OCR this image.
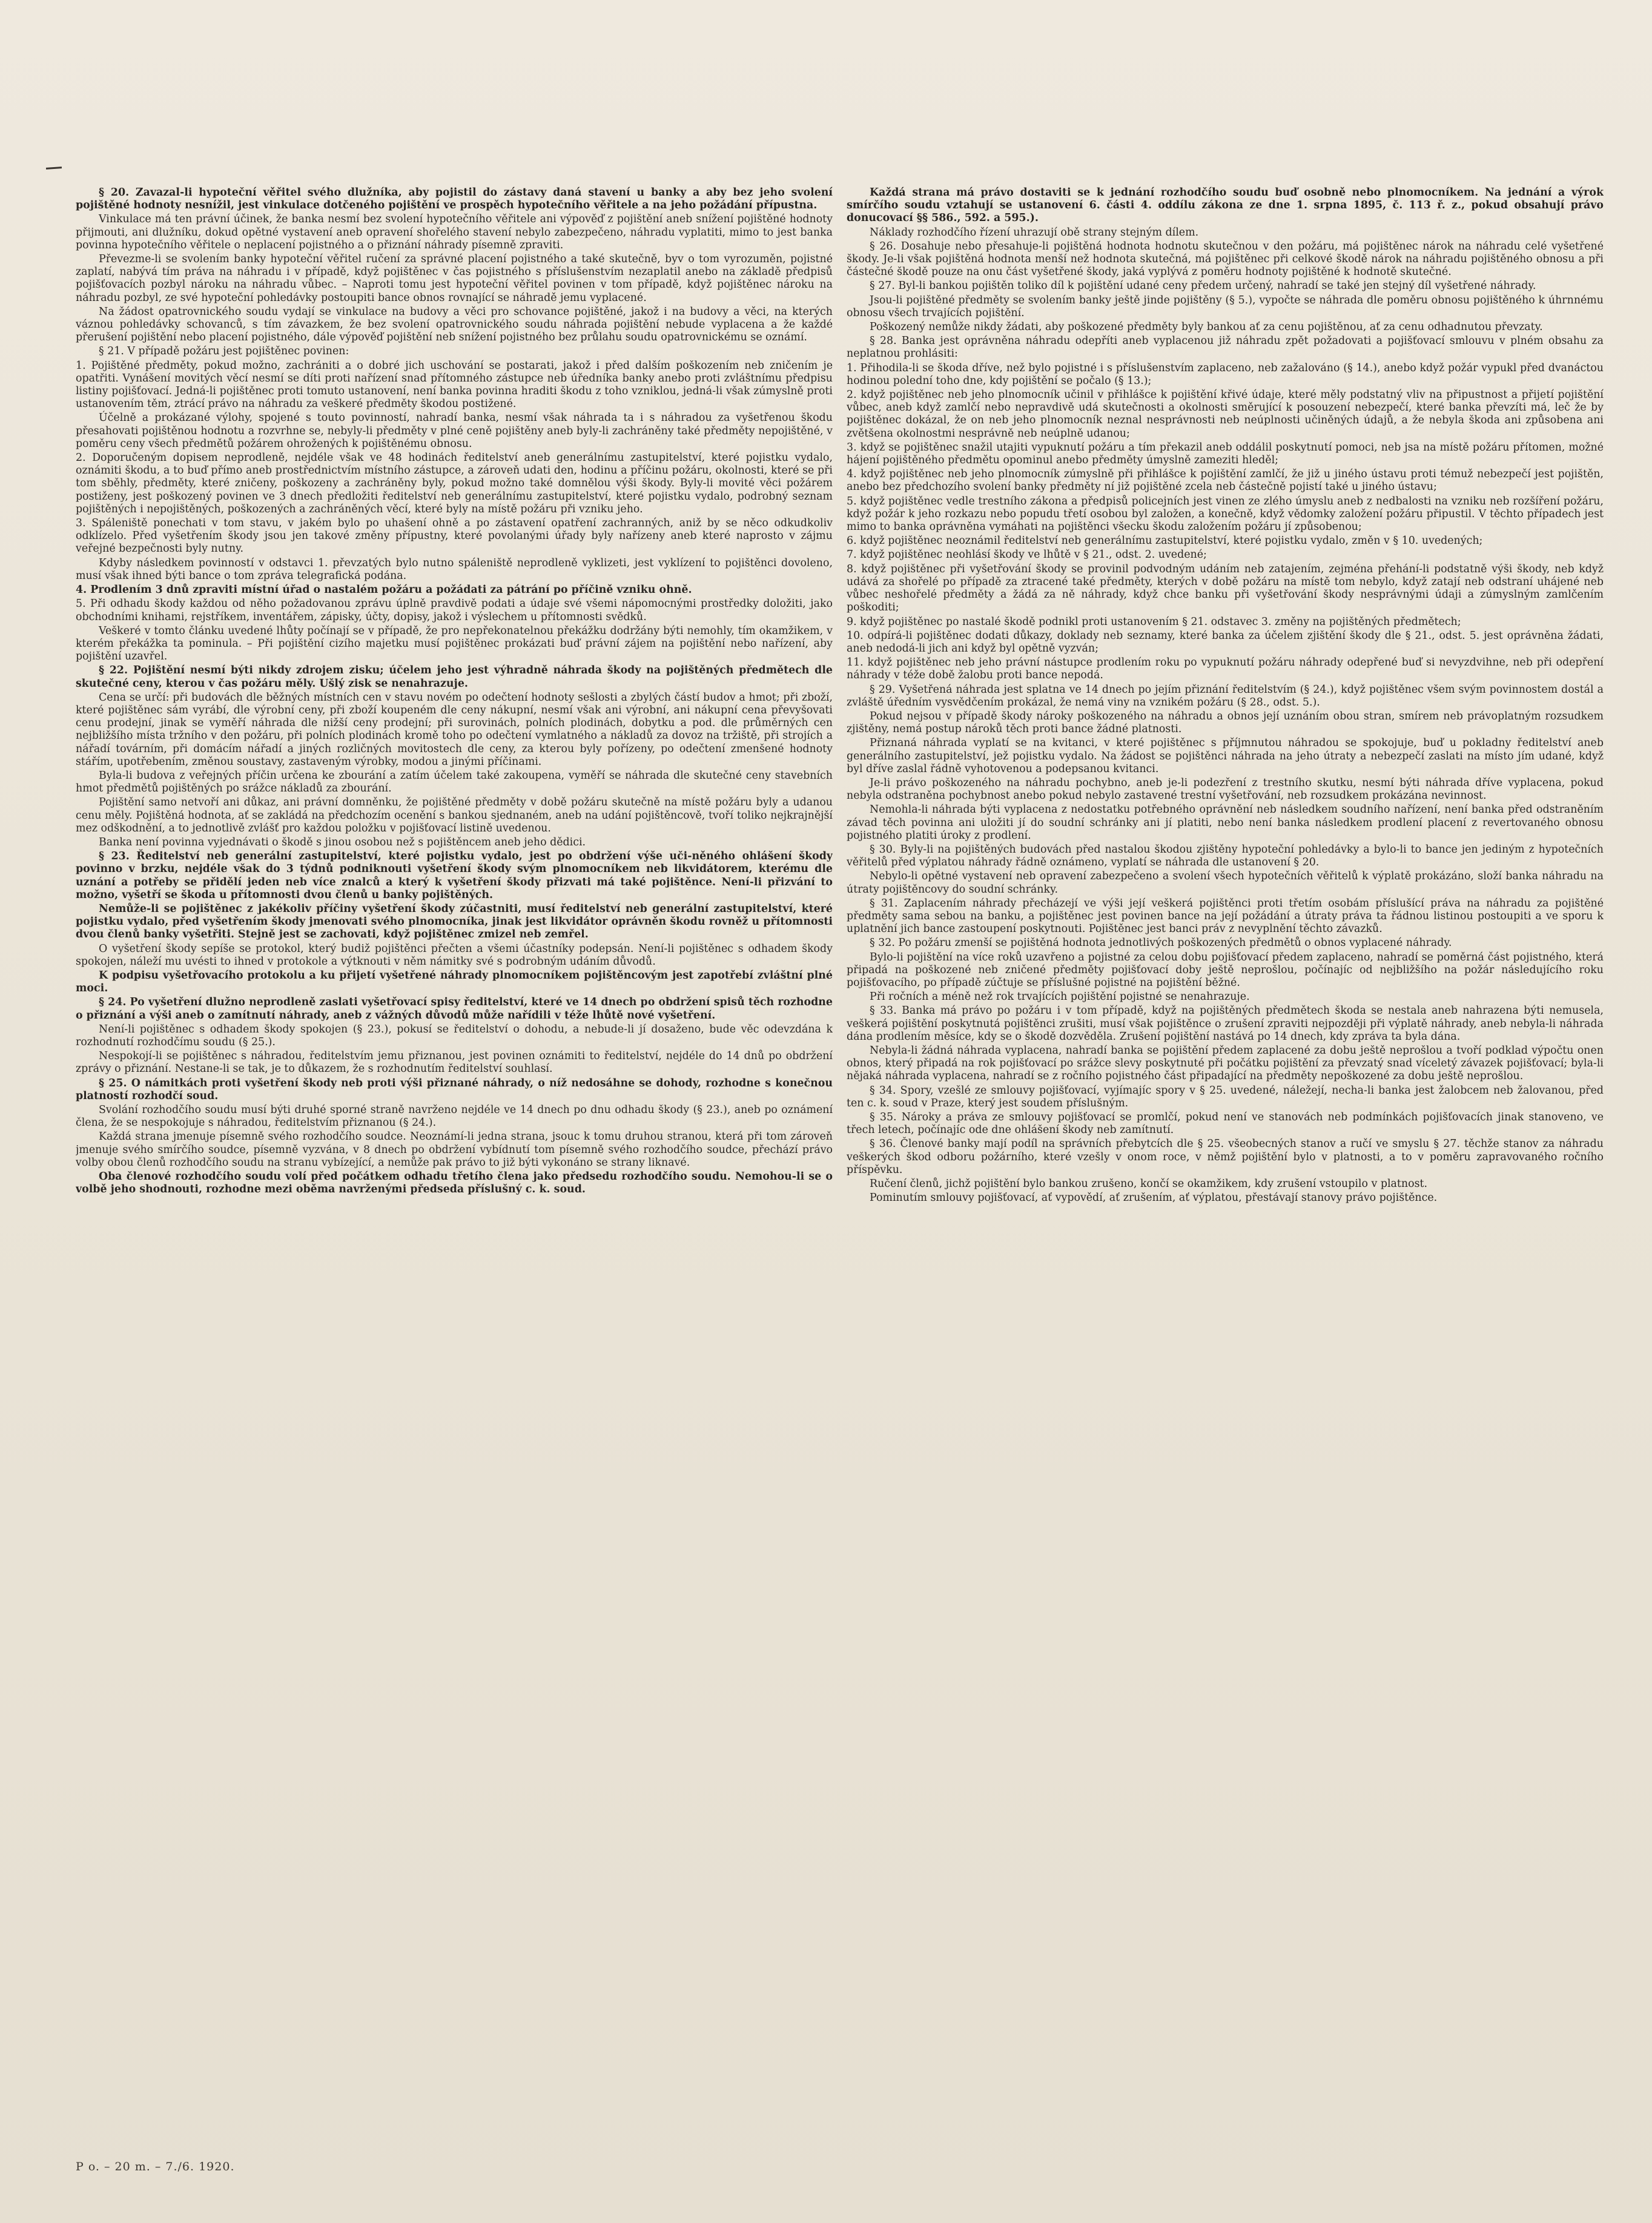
§ 20. Zavazal-li hypoteční věřitel svého dlužníka, aby pojistil do zástavy daná stavení u banky a aby bez jeho svolení pojištěné hodnoty nesnížil, jest vinkulace dotčeného pojištění ve prospěch hypotečního věřitele a na jeho požádání přípustna.

Vinkulace má ten právní účinek, že banka nesmí bez svolení hypotečního věřitele ani výpověď z pojištění aneb snížení pojištěné hodnoty přijmouti, ani dlužníku, dokud opětné vystavení aneb opravení shořelého stavení nebylo zabezpečeno, náhradu vyplatiti, mimo to jest banka povinna hypotečního věřitele o neplacení pojistného a o přiznání náhrady písemně zpraviti.

Převezme-li se svolením banky hypoteční věřitel ručení za správné placení pojistného a také skutečně, byv o tom vyrozuměn, pojistné zaplatí, nabývá tím práva na náhradu i v případě, když pojištěnec v čas pojistného s příslušenstvím nezaplatil anebo na základě předpisů pojišťovacích pozbyl nároku na náhradu vůbec. – Naproti tomu jest hypoteční věřitel povinen v tom případě, když pojištěnec nároku na náhradu pozbyl, ze své hypoteční pohledávky postoupiti bance obnos rovnající se náhradě jemu vyplacené.

Na žádost opatrovnického soudu vydají se vinkulace na budovy a věci pro schovance pojištěné, jakož i na budovy a věci, na kterých váznou pohledávky schovanců, s tím závazkem, že bez svolení opatrovnického soudu náhrada pojištění nebude vyplacena a že každé přerušení pojištění nebo placení pojistného, dále výpověď pojištění neb snížení pojistného bez průlahu soudu opatrovnickému se oznámí.

§ 21. V případě požáru jest pojištěnec povinen:

1. Pojištěné předměty, pokud možno, zachrániti a o dobré jich uschování se postarati, jakož i před dalším poškozením neb zničením je opatřiti. Vynášení movitých věcí nesmí se díti proti nařízení snad přítomného zástupce neb úředníka banky anebo proti zvláštnímu předpisu listiny pojišťovací. Jedná-li pojištěnec proti tomuto ustanovení, není banka povinna hraditi škodu z toho vzniklou, jedná-li však zúmyslně proti ustanovením těm, ztrácí právo na náhradu za veškeré předměty škodou postižené.

Účelně a prokázané výlohy, spojené s touto povinností, nahradí banka, nesmí však náhrada ta i s náhradou za vyšetřenou škodu přesahovati pojištěnou hodnotu a rozvrhne se, nebyly-li předměty v plné ceně pojištěny aneb byly-li zachráněny také předměty nepojištěné, v poměru ceny všech předmětů požárem ohrožených k pojištěnému obnosu.

2. Doporučeným dopisem neprodleně, nejdéle však ve 48 hodinách ředitelství aneb generálnímu zastupitelství, které pojistku vydalo, oznámiti škodu, a to buď přímo aneb prostřednictvím místního zástupce, a zároveň udati den, hodinu a příčinu požáru, okolnosti, které se při tom sběhly, předměty, které zničeny, poškozeny a zachráněny byly, pokud možno také domnělou výši škody. Byly-li movité věci požárem postiženy, jest poškozený povinen ve 3 dnech předložiti ředitelství neb generálnímu zastupitelství, které pojistku vydalo, podrobný seznam pojištěných i nepojištěných, poškozených a zachráněných věcí, které byly na místě požáru při vzniku jeho.

3. Spáleniště ponechati v tom stavu, v jakém bylo po uhašení ohně a po zástavení opatření zachranných, aniž by se něco odkudkoliv odklízelo. Před vyšetřením škody jsou jen takové změny přípustny, které povolanými úřady byly nařízeny aneb které naprosto v zájmu veřejné bezpečnosti byly nutny.

Kdyby následkem povinností v odstavci 1. převzatých bylo nutno spáleniště neprodleně vyklizeti, jest vyklízení to pojištěnci dovoleno, musí však ihned býti bance o tom zpráva telegrafická podána.

4. Prodlením 3 dnů zpraviti místní úřad o nastalém požáru a požádati za pátrání po příčině vzniku ohně.

5. Při odhadu škody každou od něho požadovanou zprávu úplně pravdivě podati a údaje své všemi nápomocnými prostředky doložiti, jako obchodními knihami, rejstříkem, inventářem, zápisky, účty, dopisy, jakož i výslechem u přítomnosti svědků.

Veškeré v tomto článku uvedené lhůty počínají se v případě, že pro nepřekonatelnou překážku dodržány býti nemohly, tím okamžikem, v kterém překážka ta pominula. – Při pojištění cizího majetku musí pojištěnec prokázati buď právní zájem na pojištění nebo nařízení, aby pojištění uzavřel.

§ 22. Pojištění nesmí býti nikdy zdrojem zisku; účelem jeho jest výhradně náhrada škody na pojištěných předmětech dle skutečné ceny, kterou v čas požáru měly. Ušlý zisk se nenahrazuje.

Cena se určí: při budovách dle běžných místních cen v stavu novém po odečtení hodnoty sešlosti a zbylých částí budov a hmot; při zboží, které pojištěnec sám vyrábí, dle výrobní ceny, při zboží koupeném dle ceny nákupní, nesmí však ani výrobní, ani nákupní cena převyšovati cenu prodejní, jinak se vyměří náhrada dle nižší ceny prodejní; při surovinách, polních plodinách, dobytku a pod. dle průměrných cen nejbližšího místa tržního v den požáru, při polních plodinách kromě toho po odečtení vymlatného a nákladů za dovoz na tržiště, při strojích a nářadí továrním, při domácím nářadí a jiných rozličných movitostech dle ceny, za kterou byly pořízeny, po odečtení zmenšené hodnoty stářím, upotřebením, změnou soustavy, zastaveným výrobky, modou a jinými příčinami.

Byla-li budova z veřejných příčin určena ke zbourání a zatím účelem také zakoupena, vyměří se náhrada dle skutečné ceny stavebních hmot předmětů pojištěných po srážce nákladů za zbourání.

Pojištění samo netvoří ani důkaz, ani právní domněnku, že pojištěné předměty v době požáru skutečně na místě požáru byly a udanou cenu měly. Pojištěná hodnota, ať se zakládá na předchozím ocenění s bankou sjednaném, aneb na udání pojištěncově, tvoří toliko nejkrajnější mez odškodnění, a to jednotlivě zvlášť pro každou položku v pojišťovací listině uvedenou.

Banka není povinna vyjednávati o škodě s jinou osobou než s pojištěncem aneb jeho dědici.

§ 23. Ředitelství neb generální zastupitelství, které pojistku vydalo, jest po obdržení výše uči-něného ohlášení škody povinno v brzku, nejdéle však do 3 týdnů podniknouti vyšetření škody svým plnomocníkem neb likvidátorem, kterému dle uznání a potřeby se přidělí jeden neb více znalců a který k vyšetření škody přizvati má také pojištěnce. Není-li přizvání to možno, vyšetří se škoda u přítomnosti dvou členů u banky pojištěných.

Nemůže-li se pojištěnec z jakékoliv příčiny vyšetření škody zúčastniti, musí ředitelství neb generální zastupitelství, které pojistku vydalo, před vyšetřením škody jmenovati svého plnomocníka, jinak jest likvidátor oprávněn škodu rovněž u přítomnosti dvou členů banky vyšetřiti. Stejně jest se zachovati, když pojištěnec zmizel neb zemřel.

O vyšetření škody sepíše se protokol, který budiž pojištěnci přečten a všemi účastníky podepsán. Není-li pojištěnec s odhadem škody spokojen, náleží mu uvésti to ihned v protokole a výtknouti v něm námitky své s podrobným udáním důvodů.

K podpisu vyšetřovacího protokolu a ku přijetí vyšetřené náhrady plnomocníkem pojištěncovým jest zapotřebí zvláštní plné moci.

§ 24. Po vyšetření dlužno neprodleně zaslati vyšetřovací spisy ředitelství, které ve 14 dnech po obdržení spisů těch rozhodne o přiznání a výši aneb o zamítnutí náhrady, aneb z vážných důvodů může nařídili v téže lhůtě nové vyšetření.

Není-li pojištěnec s odhadem škody spokojen (§ 23.), pokusí se ředitelství o dohodu, a nebude-li jí dosaženo, bude věc odevzdána k rozhodnutí rozhodčímu soudu (§ 25.).

Nespokojí-li se pojištěnec s náhradou, ředitelstvím jemu přiznanou, jest povinen oznámiti to ředitelství, nejdéle do 14 dnů po obdržení zprávy o přiznání. Nestane-li se tak, je to důkazem, že s rozhodnutím ředitelství souhlasí.

§ 25. O námitkách proti vyšetření škody neb proti výši přiznané náhrady, o níž nedosáhne se dohody, rozhodne s konečnou platností rozhodčí soud.

Svolání rozhodčího soudu musí býti druhé sporné straně navrženo nejdéle ve 14 dnech po dnu odhadu škody (§ 23.), aneb po oznámení člena, že se nespokojuje s náhradou, ředitelstvím přiznanou (§ 24.).

Každá strana jmenuje písemně svého rozhodčího soudce. Neoznámí-li jedna strana, jsouc k tomu druhou stranou, která při tom zároveň jmenuje svého smírčího soudce, písemně vyzvána, v 8 dnech po obdržení vybídnutí tom písemně svého rozhodčího soudce, přechází právo volby obou členů rozhodčího soudu na stranu vybízející, a nemůže pak právo to již býti vykonáno se strany liknavé.

Oba členové rozhodčího soudu volí před počátkem odhadu třetího člena jako předsedu rozhodčího soudu. Nemohou-li se o volbě jeho shodnouti, rozhodne mezi oběma navrženými předseda příslušný c. k. soud.

Každá strana má právo dostaviti se k jednání rozhodčího soudu buď osobně nebo plnomocníkem. Na jednání a výrok smírčího soudu vztahují se ustanovení 6. části 4. oddílu zákona ze dne 1. srpna 1895, č. 113 ř. z., pokud obsahují právo donucovací §§ 586., 592. a 595.).

Náklady rozhodčího řízení uhrazují obě strany stejným dílem.

§ 26. Dosahuje nebo přesahuje-li pojištěná hodnota hodnotu skutečnou v den požáru, má pojištěnec nárok na náhradu celé vyšetřené škody. Je-li však pojištěná hodnota menší než hodnota skutečná, má pojištěnec při celkové škodě nárok na náhradu pojištěného obnosu a při částečné škodě pouze na onu část vyšetřené škody, jaká vyplývá z poměru hodnoty pojištěné k hodnotě skutečné.

§ 27. Byl-li bankou pojištěn toliko díl k pojištění udané ceny předem určený, nahradí se také jen stejný díl vyšetřené náhrady.

Jsou-li pojištěné předměty se svolením banky ještě jinde pojištěny (§ 5.), vypočte se náhrada dle poměru obnosu pojištěného k úhrnnému obnosu všech trvajících pojištění.

Poškozený nemůže nikdy žádati, aby poškozené předměty byly bankou ať za cenu pojištěnou, ať za cenu odhadnutou převzaty.

§ 28. Banka jest oprávněna náhradu odepříti aneb vyplacenou již náhradu zpět požadovati a pojišťovací smlouvu v plném obsahu za neplatnou prohlásiti:

1. Přihodila-li se škoda dříve, než bylo pojistné i s příslušenstvím zaplaceno, neb zažalováno (§ 14.), anebo když požár vypukl před dvanáctou hodinou polední toho dne, kdy pojištění se počalo (§ 13.);

2. když pojištěnec neb jeho plnomocník učinil v přihlášce k pojištění křivé údaje, které měly podstatný vliv na připustnost a přijetí pojištění vůbec, aneb když zamlčí nebo nepravdivě udá skutečnosti a okolnosti směrující k posouzení nebezpečí, které banka převzíti má, leč že by pojištěnec dokázal, že on neb jeho plnomocník neznal nesprávnosti neb neúplnosti učiněných údajů, a že nebyla škoda ani způsobena ani zvětšena okolnostmi nesprávně neb neúplně udanou;

3. když se pojištěnec snažil utajiti vypuknutí požáru a tím překazil aneb oddálil poskytnutí pomoci, neb jsa na místě požáru přítomen, možné hájení pojištěného předmětu opominul anebo předměty úmyslně zameziti hleděl;

4. když pojištěnec neb jeho plnomocník zúmyslně při přihlášce k pojištění zamlčí, že již u jiného ústavu proti témuž nebezpečí jest pojištěn, anebo bez předchozího svolení banky předměty ní již pojištěné zcela neb částečně pojistí také u jiného ústavu;

5. když pojištěnec vedle trestního zákona a předpisů policejních jest vinen ze zlého úmyslu aneb z nedbalosti na vzniku neb rozšíření požáru, když požár k jeho rozkazu nebo popudu třetí osobou byl založen, a konečně, když vědomky založení požáru připustil. V těchto případech jest mimo to banka oprávněna vymáhati na pojištěnci všecku škodu založením požáru jí způsobenou;

6. když pojištěnec neoznámil ředitelství neb generálnímu zastupitelství, které pojistku vydalo, změn v § 10. uvedených;

7. když pojištěnec neohlásí škody ve lhůtě v § 21., odst. 2. uvedené;

8. když pojištěnec při vyšetřování škody se provinil podvodným udáním neb zatajením, zejména přehání-li podstatně výši škody, neb když udává za shořelé po případě za ztracené také předměty, kterých v době požáru na místě tom nebylo, když zatají neb odstraní uhájené neb vůbec neshořelé předměty a žádá za ně náhrady, když chce banku při vyšetřování škody nesprávnými údaji a zúmyslným zamlčením poškoditi;

9. když pojištěnec po nastalé škodě podnikl proti ustanovením § 21. odstavec 3. změny na pojištěných předmětech;

10. odpírá-li pojištěnec dodati důkazy, doklady neb seznamy, které banka za účelem zjištění škody dle § 21., odst. 5. jest oprávněna žádati, aneb nedodá-li jich ani když byl opětně vyzván;

11. když pojištěnec neb jeho právní nástupce prodlením roku po vypuknutí požáru náhrady odepřené buď si nevyzdvihne, neb při odepření náhrady v téže době žalobu proti bance nepodá.

§ 29. Vyšetřená náhrada jest splatna ve 14 dnech po jejím přiznání ředitelstvím (§ 24.), když pojištěnec všem svým povinnostem dostál a zvláště úředním vysvědčením prokázal, že nemá viny na vznikém požáru (§ 28., odst. 5.).

Pokud nejsou v případě škody nároky poškozeného na náhradu a obnos její uznáním obou stran, smírem neb právoplatným rozsudkem zjištěny, nemá postup nároků těch proti bance žádné platnosti.

Přiznaná náhrada vyplatí se na kvitanci, v které pojištěnec s příjmnutou náhradou se spokojuje, buď u pokladny ředitelství aneb generálního zastupitelství, jež pojistku vydalo. Na žádost se pojištěnci náhrada na jeho útraty a nebezpečí zaslati na místo jím udané, když byl dříve zaslal řádně vyhotovenou a podepsanou kvitanci.

Je-li právo poškozeného na náhradu pochybno, aneb je-li podezření z trestního skutku, nesmí býti náhrada dříve vyplacena, pokud nebyla odstraněna pochybnost anebo pokud nebylo zastavené trestní vyšetřování, neb rozsudkem prokázána nevinnost.

Nemohla-li náhrada býti vyplacena z nedostatku potřebného oprávnění neb následkem soudního nařízení, není banka před odstraněním závad těch povinna ani uložiti jí do soudní schránky ani jí platiti, nebo není banka následkem prodlení placení z revertovaného obnosu pojistného platiti úroky z prodlení.

§ 30. Byly-li na pojištěných budovách před nastalou škodou zjištěny hypoteční pohledávky a bylo-li to bance jen jediným z hypotečních věřitelů před výplatou náhrady řádně oznámeno, vyplatí se náhrada dle ustanovení § 20.

Nebylo-li opětné vystavení neb opravení zabezpečeno a svolení všech hypotečních věřitelů k výplatě prokázáno, složí banka náhradu na útraty pojištěncovy do soudní schránky.

§ 31. Zaplacením náhrady přecházejí ve výši její veškerá pojištěnci proti třetím osobám příslušící práva na náhradu za pojištěné předměty sama sebou na banku, a pojištěnec jest povinen bance na její požádání a útraty práva ta řádnou listinou postoupiti a ve sporu k uplatnění jich bance zastoupení poskytnouti. Pojištěnec jest banci práv z nevyplnění těchto závazků.

§ 32. Po požáru zmenší se pojištěná hodnota jednotlivých poškozených předmětů o obnos vyplacené náhrady.

Bylo-li pojištění na více roků uzavřeno a pojistné za celou dobu pojišťovací předem zaplaceno, nahradí se poměrná část pojistného, která připadá na poškozené neb zničené předměty pojišťovací doby ještě neprošlou, počínajíc od nejbližšího na požár následujícího roku pojišťovacího, po případě zúčtuje se příslušné pojistné na pojištění běžné.

Při ročních a méně než rok trvajících pojištění pojistné se nenahrazuje.

§ 33. Banka má právo po požáru i v tom případě, když na pojištěných předmětech škoda se nestala aneb nahrazena býti nemusela, veškerá pojištění poskytnutá pojištěnci zrušiti, musí však pojištěnce o zrušení zpraviti nejpozději při výplatě náhrady, aneb nebyla-li náhrada dána prodlením měsíce, kdy se o škodě dozvěděla. Zrušení pojištění nastává po 14 dnech, kdy zpráva ta byla dána.

Nebyla-li žádná náhrada vyplacena, nahradí banka se pojištění předem zaplacené za dobu ještě neprošlou a tvoří podklad výpočtu onen obnos, který připadá na rok pojišťovací po srážce slevy poskytnuté při počátku pojištění za převzatý snad víceletý závazek pojišťovací; byla-li nějaká náhrada vyplacena, nahradí se z ročního pojistného část připadající na předměty nepoškozené za dobu ještě neprošlou.

§ 34. Spory, vzešlé ze smlouvy pojišťovací, vyjímajíc spory v § 25. uvedené, náležejí, necha-li banka jest žalobcem neb žalovanou, před ten c. k. soud v Praze, který jest soudem příslušným.

§ 35. Nároky a práva ze smlouvy pojišťovací se promlčí, pokud není ve stanovách neb podmínkách pojišťovacích jinak stanoveno, ve třech letech, počínajíc ode dne ohlášení škody neb zamítnutí.

§ 36. Členové banky mají podíl na správních přebytcích dle § 25. všeobecných stanov a ručí ve smyslu § 27. těchže stanov za náhradu veškerých škod odboru požárního, které vzešly v onom roce, v němž pojištění bylo v platnosti, a to v poměru zapravovaného ročního příspěvku.

Ručení členů, jichž pojištění bylo bankou zrušeno, končí se okamžikem, kdy zrušení vstoupilo v platnost.

Pominutím smlouvy pojišťovací, ať vypovědí, ať zrušením, ať výplatou, přestávají stanovy právo pojištěnce.

P o. – 20 m. – 7./6. 1920.
